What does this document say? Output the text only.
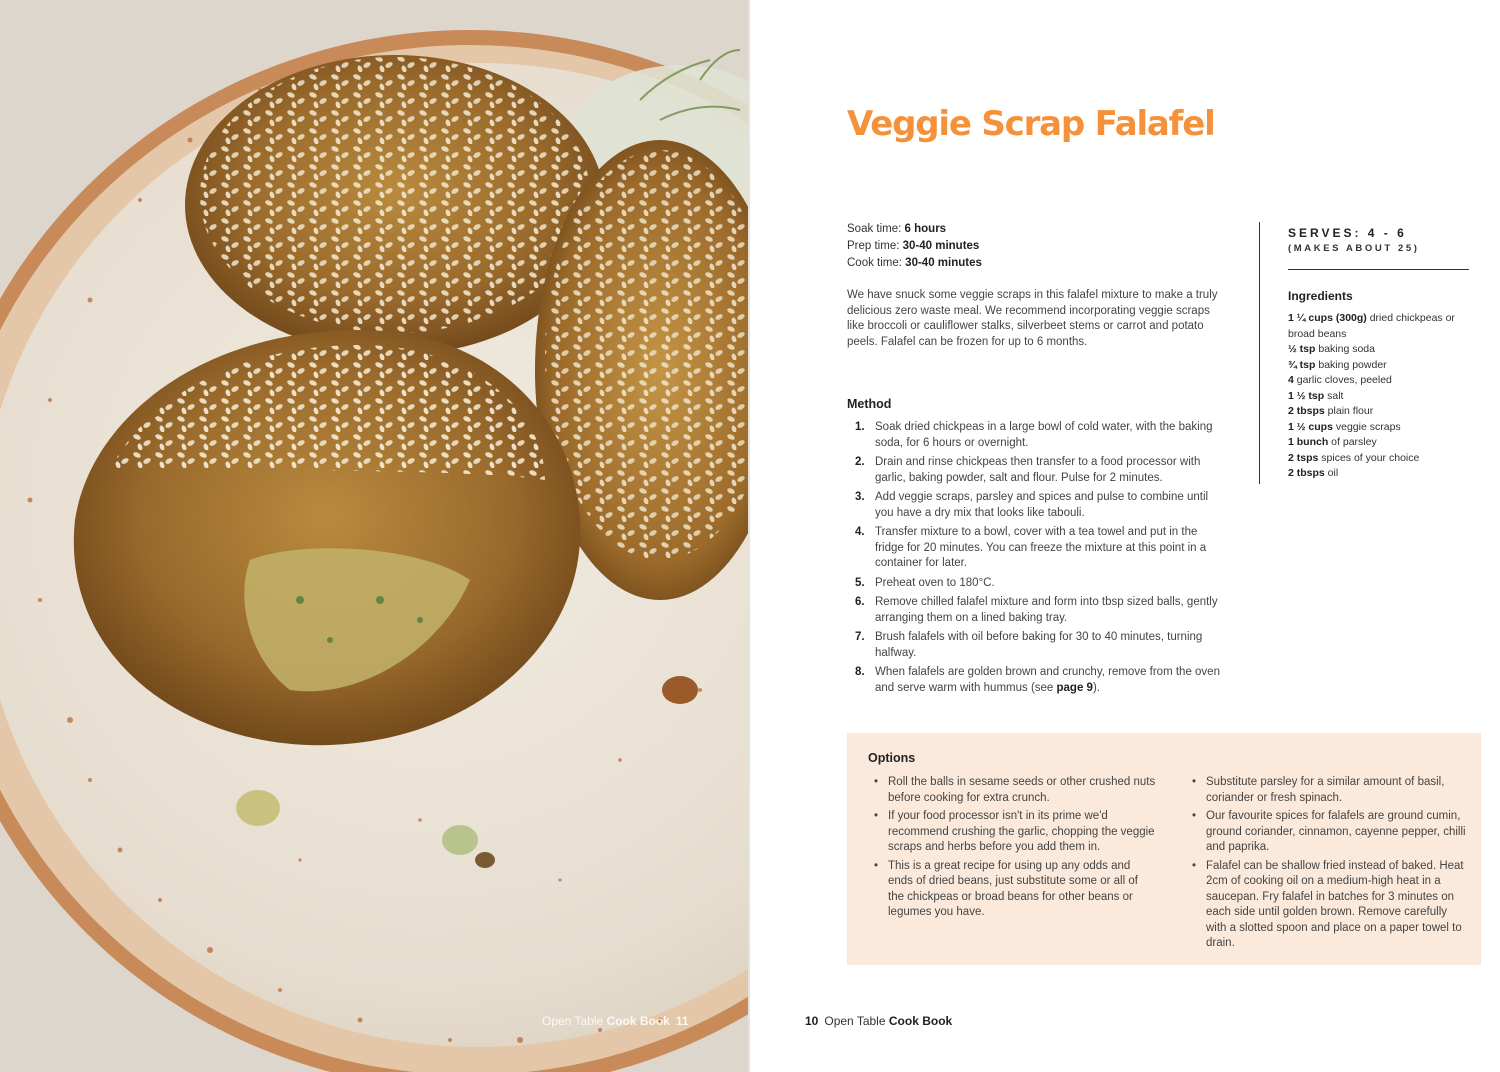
Open Table Cook Book 11
Veggie Scrap Falafel
Soak time: 6 hours
Prep time: 30-40 minutes
Cook time: 30-40 minutes

We have snuck some veggie scraps in this falafel mixture to make a truly delicious zero waste meal. We recommend incorporating veggie scraps like broccoli or cauliflower stalks, silverbeet stems or carrot and potato peels. Falafel can be frozen for up to 6 months.

Method
1. Soak dried chickpeas in a large bowl of cold water, with the baking soda, for 6 hours or overnight.
2. Drain and rinse chickpeas then transfer to a food processor with garlic, baking powder, salt and flour. Pulse for 2 minutes.
3. Add veggie scraps, parsley and spices and pulse to combine until you have a dry mix that looks like tabouli.
4. Transfer mixture to a bowl, cover with a tea towel and put in the fridge for 20 minutes. You can freeze the mixture at this point in a container for later.
5. Preheat oven to 180°C.
6. Remove chilled falafel mixture and form into tbsp sized balls, gently arranging them on a lined baking tray.
7. Brush falafels with oil before baking for 30 to 40 minutes, turning halfway.
8. When falafels are golden brown and crunchy, remove from the oven and serve warm with hummus (see page 9).
SERVES: 4 - 6
(MAKES ABOUT 25)
Ingredients
1 ¼ cups (300g) dried chickpeas or broad beans
½ tsp baking soda
¾ tsp baking powder
4 garlic cloves, peeled
1 ½ tsp salt
2 tbsps plain flour
1 ½ cups veggie scraps
1 bunch of parsley
2 tsps spices of your choice
2 tbsps oil
Options
• Roll the balls in sesame seeds or other crushed nuts before cooking for extra crunch.
• If your food processor isn't in its prime we'd recommend crushing the garlic, chopping the veggie scraps and herbs before you add them in.
• This is a great recipe for using up any odds and ends of dried beans, just substitute some or all of the chickpeas or broad beans for other beans or legumes you have.
• Substitute parsley for a similar amount of basil, coriander or fresh spinach.
• Our favourite spices for falafels are ground cumin, ground coriander, cinnamon, cayenne pepper, chilli and paprika.
• Falafel can be shallow fried instead of baked. Heat 2cm of cooking oil on a medium-high heat in a saucepan. Fry falafel in batches for 3 minutes on each side until golden brown. Remove carefully with a slotted spoon and place on a paper towel to drain.
10 Open Table Cook Book
